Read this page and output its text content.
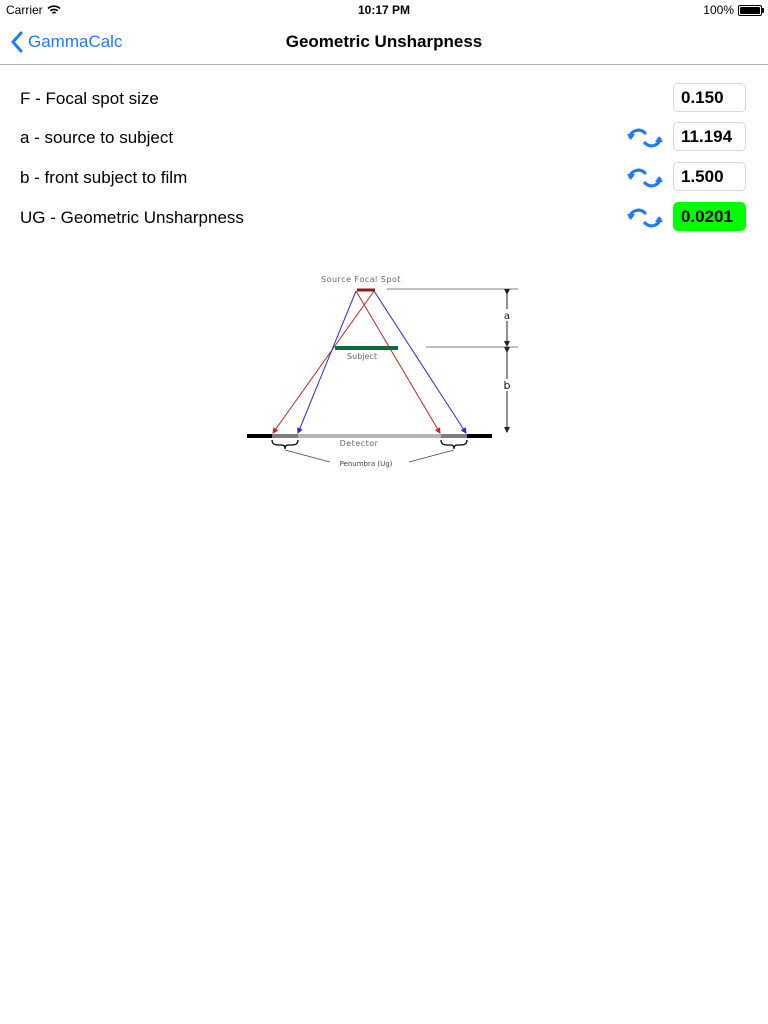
Carrier	10:17 PM	100%
GammaCalc	Geometric Unsharpness
F - Focal spot size	0.150
a - source to subject	11.194
b - front subject to film	1.500
UG - Geometric Unsharpness	0.0201
Source Focal Spot
Subject
Detector
Penumbra (Ug)
a
b
